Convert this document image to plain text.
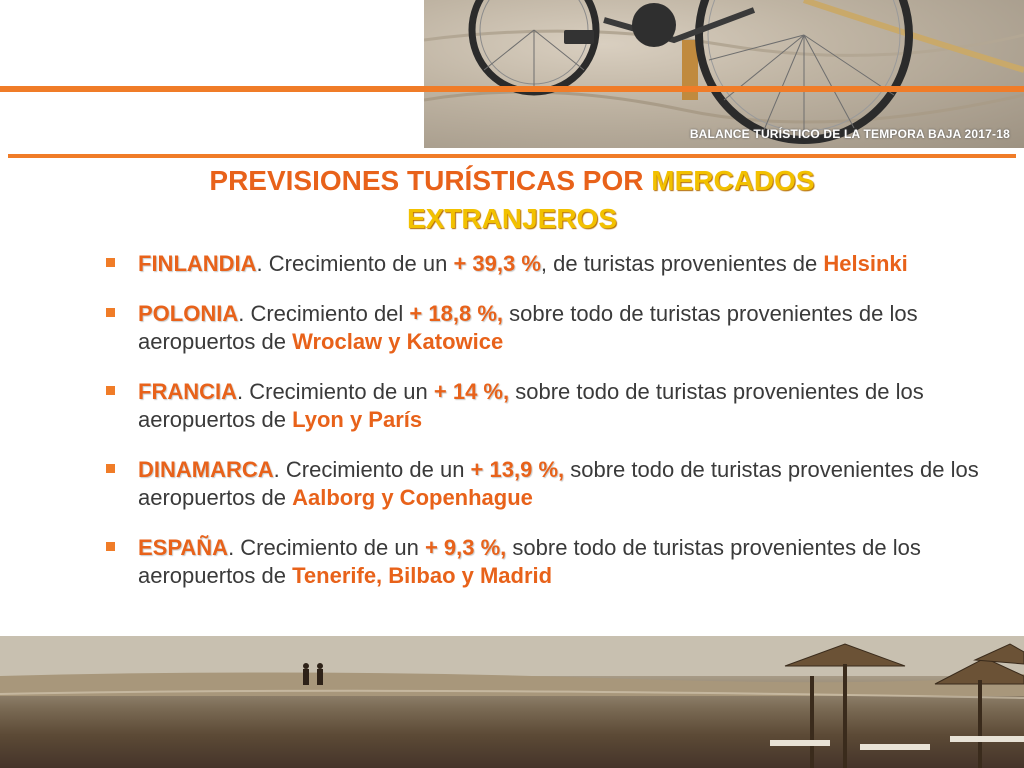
BALANCE TURÍSTICO DE LA TEMPORA BAJA 2017-18
PREVISIONES TURÍSTICAS POR MERCADOS
EXTRANJEROS
FINLANDIA. Crecimiento de un + 39,3 %, de turistas provenientes de Helsinki
POLONIA. Crecimiento del + 18,8 %, sobre todo de turistas provenientes de los aeropuertos de Wroclaw y Katowice
FRANCIA. Crecimiento de un + 14 %, sobre todo de turistas provenientes de los aeropuertos de Lyon y París
DINAMARCA. Crecimiento de un + 13,9 %, sobre todo de turistas provenientes de los aeropuertos de Aalborg y Copenhague
ESPAÑA. Crecimiento de un + 9,3 %, sobre todo de turistas provenientes de los aeropuertos de Tenerife, Bilbao y Madrid
